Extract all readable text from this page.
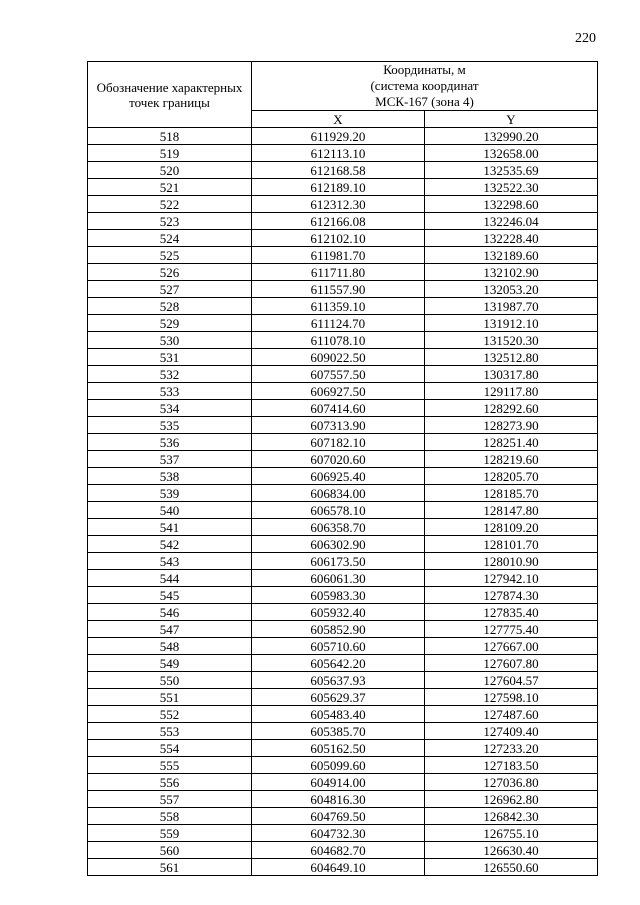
220
Обозначение характерных точек границы	Координаты, м
(система координат
МСК-167 (зона 4)	

	X	Y
518	611929.20	132990.20
519	612113.10	132658.00
520	612168.58	132535.69
521	612189.10	132522.30
522	612312.30	132298.60
523	612166.08	132246.04
524	612102.10	132228.40
525	611981.70	132189.60
526	611711.80	132102.90
527	611557.90	132053.20
528	611359.10	131987.70
529	611124.70	131912.10
530	611078.10	131520.30
531	609022.50	132512.80
532	607557.50	130317.80
533	606927.50	129117.80
534	607414.60	128292.60
535	607313.90	128273.90
536	607182.10	128251.40
537	607020.60	128219.60
538	606925.40	128205.70
539	606834.00	128185.70
540	606578.10	128147.80
541	606358.70	128109.20
542	606302.90	128101.70
543	606173.50	128010.90
544	606061.30	127942.10
545	605983.30	127874.30
546	605932.40	127835.40
547	605852.90	127775.40
548	605710.60	127667.00
549	605642.20	127607.80
550	605637.93	127604.57
551	605629.37	127598.10
552	605483.40	127487.60
553	605385.70	127409.40
554	605162.50	127233.20
555	605099.60	127183.50
556	604914.00	127036.80
557	604816.30	126962.80
558	604769.50	126842.30
559	604732.30	126755.10
560	604682.70	126630.40
561	604649.10	126550.60
